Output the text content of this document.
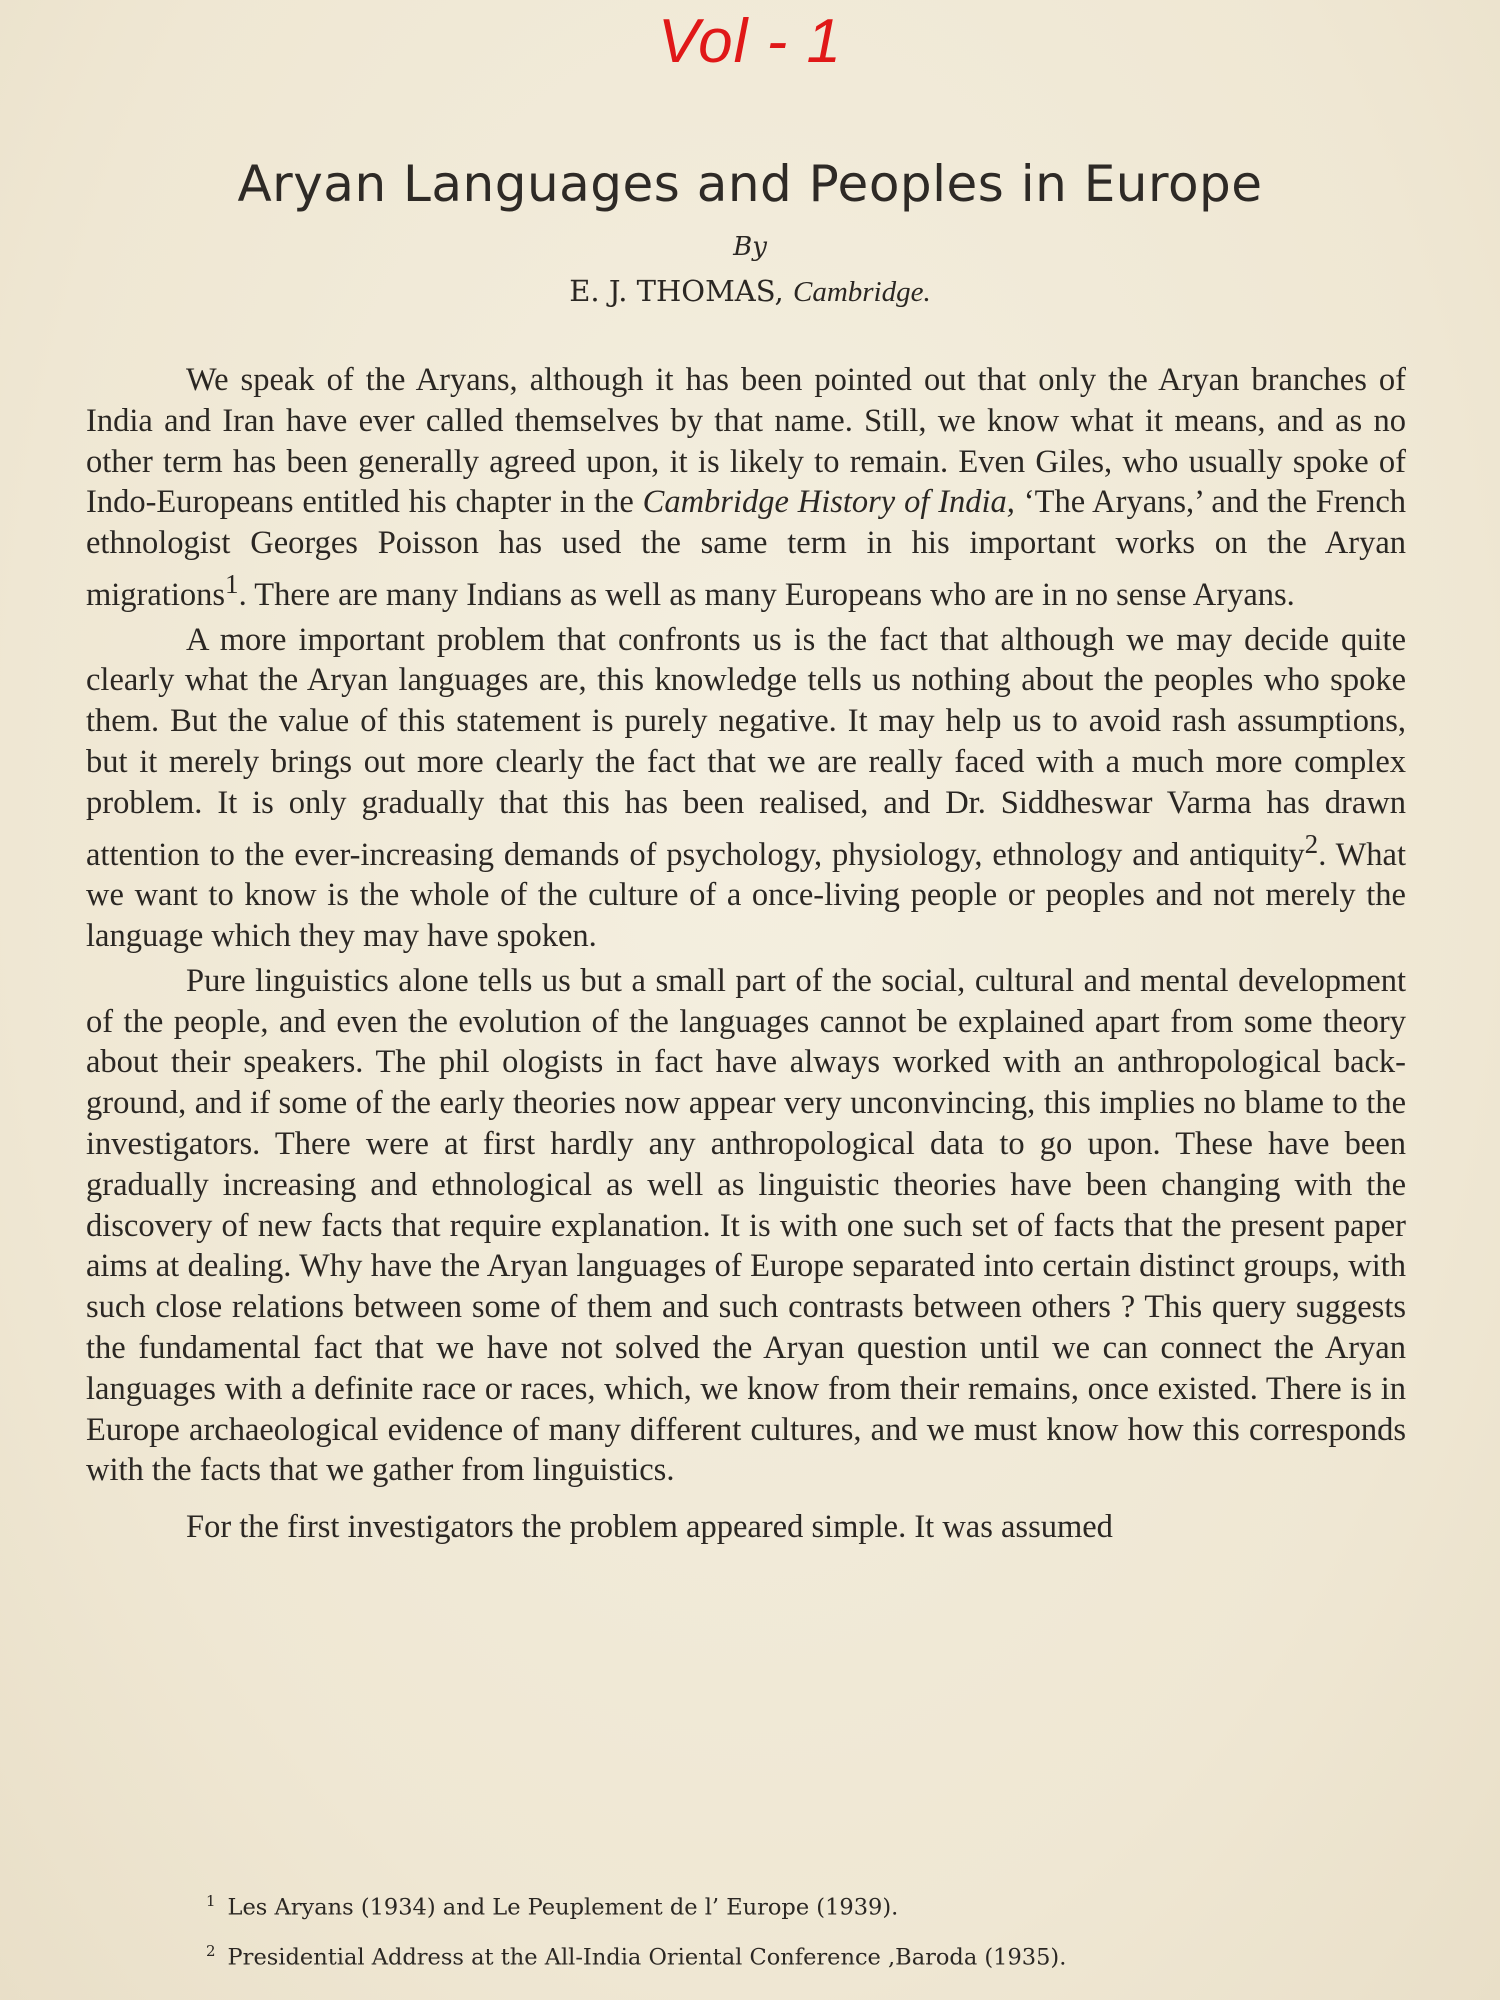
Vol - 1
Aryan Languages and Peoples in Europe
By
E. J. THOMAS, Cambridge.

We speak of the Aryans, although it has been pointed out that only the Aryan branches of India and Iran have ever called themselves by that name. Still, we know what it means, and as no other term has been generally agreed upon, it is likely to remain. Even Giles, who usually spoke of Indo-Europeans entitled his chapter in the Cambridge History of India, ‘The Aryans,’ and the French ethnologist Georges Poisson has used the same term in his important works on the Aryan migrations$^1$. There are many Indians as well as many Europeans who are in no sense Aryans.

A more important problem that confronts us is the fact that although we may decide quite clearly what the Aryan languages are, this knowledge tells us nothing about the peoples who spoke them. But the value of this statement is purely negative. It may help us to avoid rash assumptions, but it merely brings out more clearly the fact that we are really faced with a much more complex problem. It is only gradually that this has been realised, and Dr. Siddheswar Varma has drawn attention to the ever-increasing demands of psychology, physiology, ethnology and antiquity$^2$. What we want to know is the whole of the culture of a once-living people or peoples and not merely the language which they may have spoken.

Pure linguistics alone tells us but a small part of the social, cultural and mental development of the people, and even the evolution of the languages cannot be explained apart from some theory about their speakers. The phil ologists in fact have always worked with an anthropological back-ground, and if some of the early theories now appear very unconvincing, this implies no blame to the investigators. There were at first hardly any anthropological data to go upon. These have been gradually increasing and ethnological as well as linguistic theories have been changing with the discovery of new facts that require explanation. It is with one such set of facts that the present paper aims at dealing. Why have the Aryan languages of Europe separated into certain distinct groups, with such close relations between some of them and such contrasts between others ? This query suggests the fundamental fact that we have not solved the Aryan question until we can connect the Aryan languages with a definite race or races, which, we know from their remains, once existed. There is in Europe archaeological evidence of many different cultures, and we must know how this corresponds with the facts that we gather from linguistics.

For the first investigators the problem appeared simple. It was assumed

$^1$ Les Aryans (1934) and Le Peuplement de l’ Europe (1939).
$^2$ Presidential Address at the All-India Oriental Conference ,Baroda (1935).
